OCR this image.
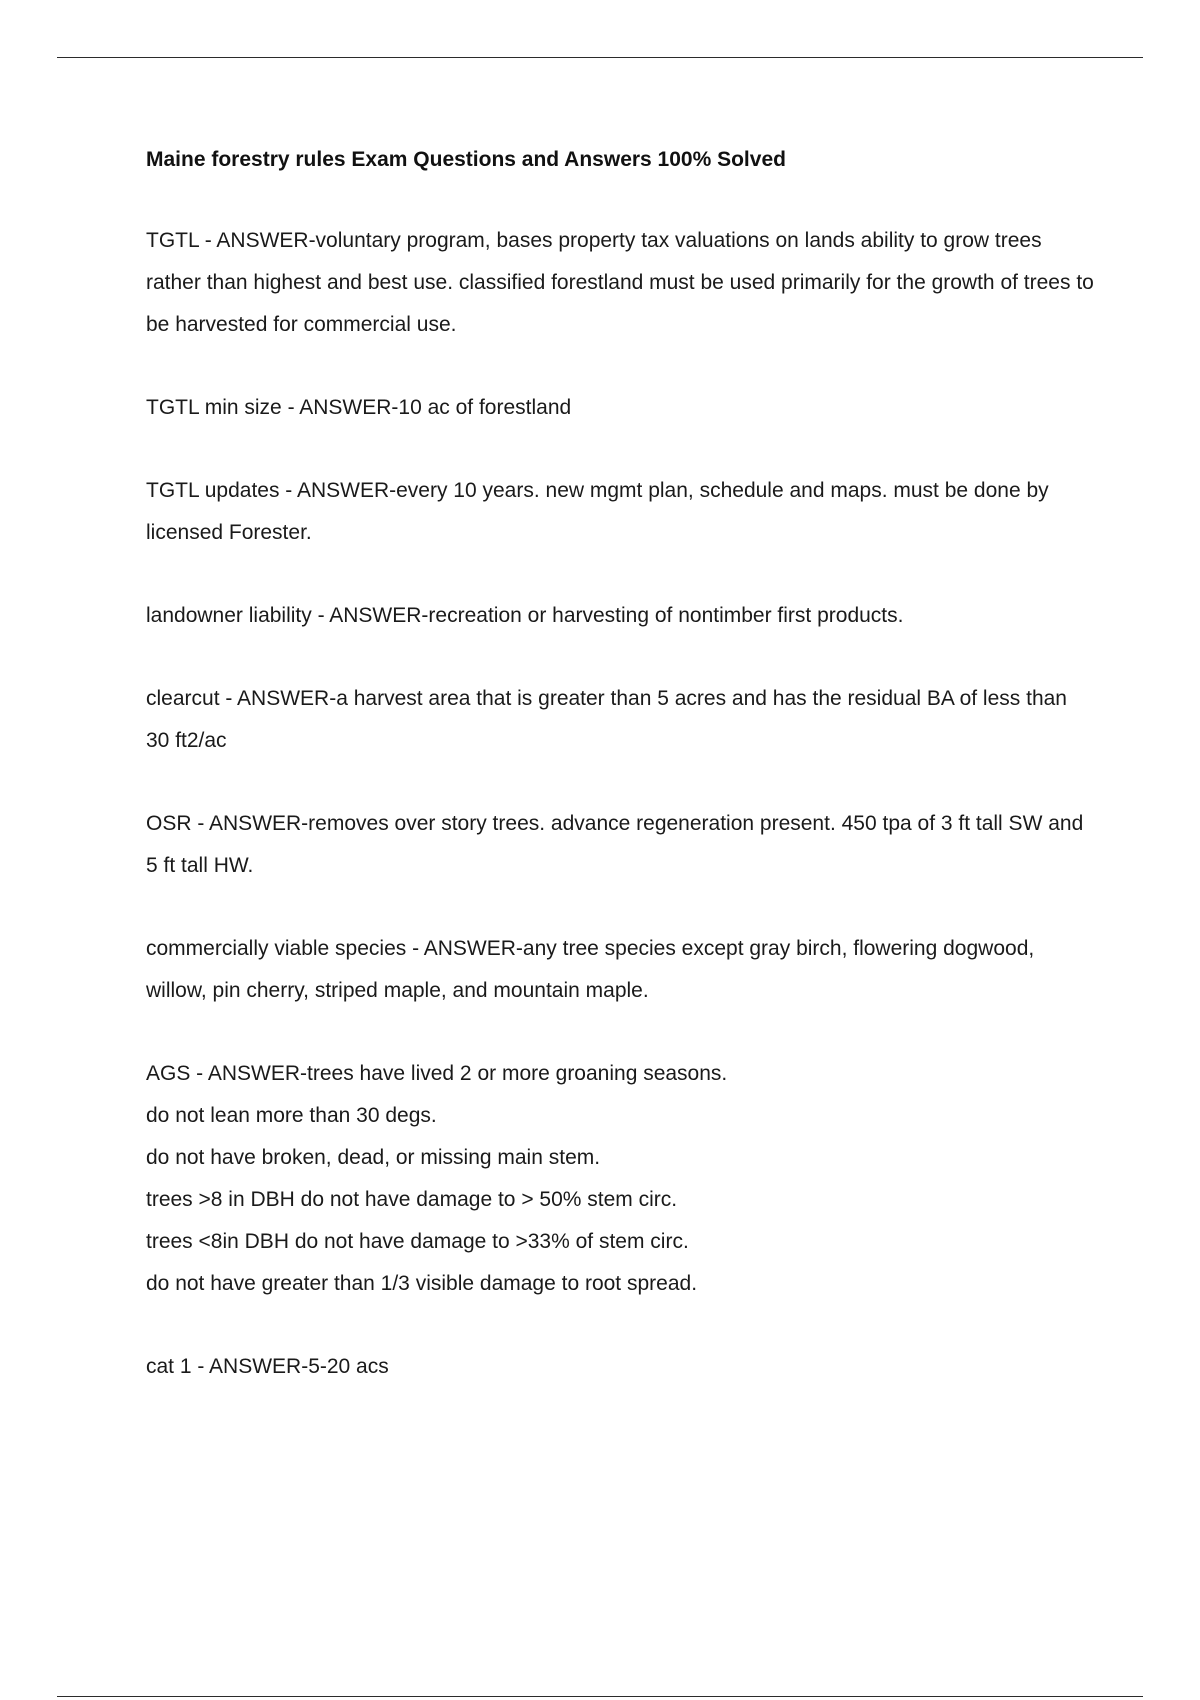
Maine forestry rules Exam Questions and Answers 100% Solved

TGTL - ANSWER-voluntary program, bases property tax valuations on lands ability to grow trees rather than highest and best use. classified forestland must be used primarily for the growth of trees to be harvested for commercial use.

TGTL min size - ANSWER-10 ac of forestland

TGTL updates - ANSWER-every 10 years. new mgmt plan, schedule and maps. must be done by licensed Forester.

landowner liability - ANSWER-recreation or harvesting of nontimber first products.

clearcut - ANSWER-a harvest area that is greater than 5 acres and has the residual BA of less than 30 ft2/ac

OSR - ANSWER-removes over story trees. advance regeneration present. 450 tpa of 3 ft tall SW and 5 ft tall HW.

commercially viable species - ANSWER-any tree species except gray birch, flowering dogwood, willow, pin cherry, striped maple, and mountain maple.

AGS - ANSWER-trees have lived 2 or more groaning seasons.
do not lean more than 30 degs.
do not have broken, dead, or missing main stem.
trees >8 in DBH do not have damage to > 50% stem circ.
trees <8in DBH do not have damage to >33% of stem circ.
do not have greater than 1/3 visible damage to root spread.

cat 1 - ANSWER-5-20 acs
